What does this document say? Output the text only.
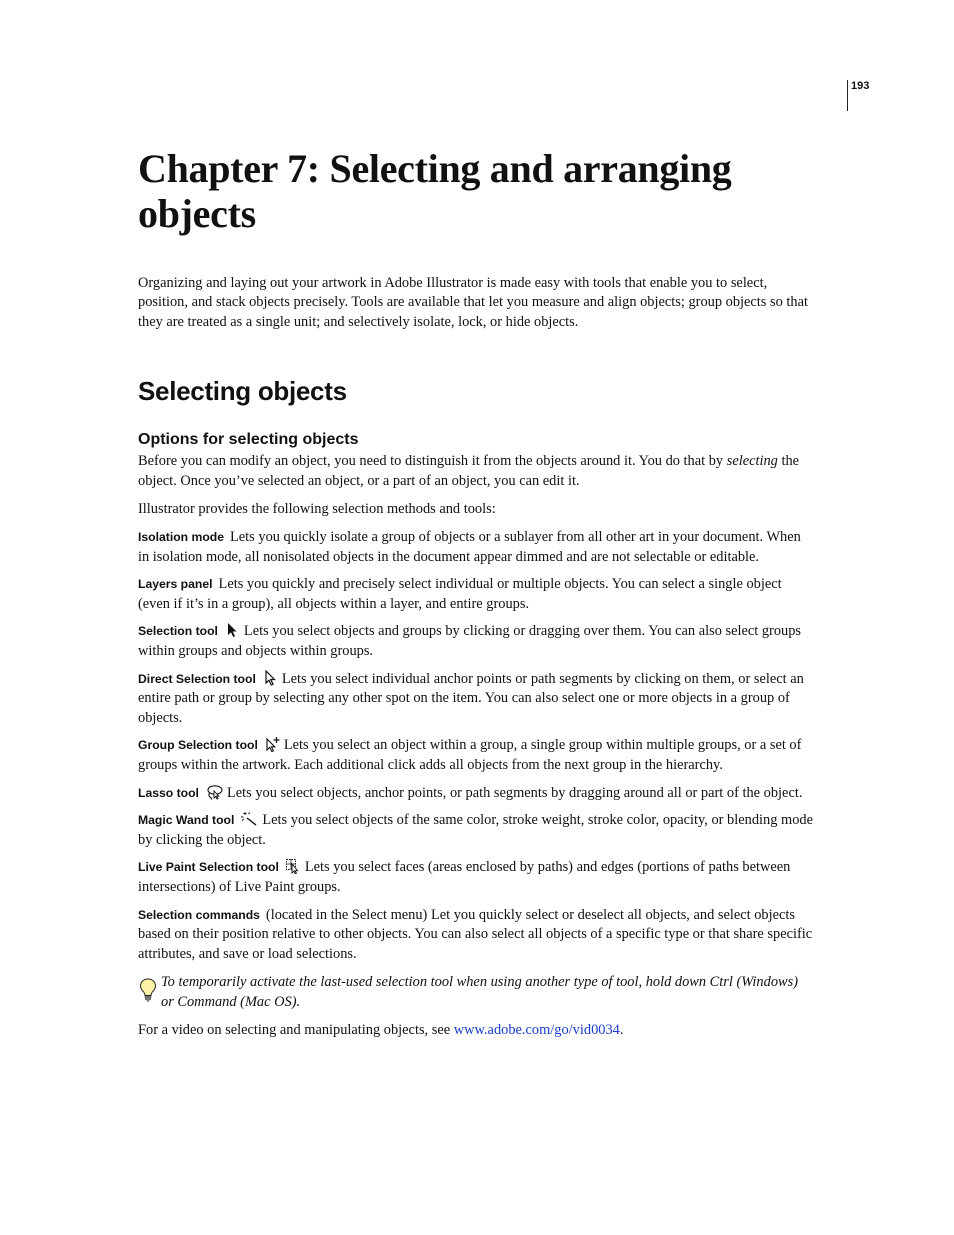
193
Chapter 7: Selecting and arranging objects

Organizing and laying out your artwork in Adobe Illustrator is made easy with tools that enable you to select, position, and stack objects precisely. Tools are available that let you measure and align objects; group objects so that they are treated as a single unit; and selectively isolate, lock, or hide objects.

Selecting objects
Options for selecting objects

Before you can modify an object, you need to distinguish it from the objects around it. You do that by selecting the object. Once you’ve selected an object, or a part of an object, you can edit it.

Illustrator provides the following selection methods and tools:

Isolation mode Lets you quickly isolate a group of objects or a sublayer from all other art in your document. When in isolation mode, all nonisolated objects in the document appear dimmed and are not selectable or editable.

Layers panel Lets you quickly and precisely select individual or multiple objects. You can select a single object (even if it’s in a group), all objects within a layer, and entire groups.

Selection tool Lets you select objects and groups by clicking or dragging over them. You can also select groups within groups and objects within groups.

Direct Selection tool Lets you select individual anchor points or path segments by clicking on them, or select an entire path or group by selecting any other spot on the item. You can also select one or more objects in a group of objects.

Group Selection tool Lets you select an object within a group, a single group within multiple groups, or a set of groups within the artwork. Each additional click adds all objects from the next group in the hierarchy.

Lasso tool Lets you select objects, anchor points, or path segments by dragging around all or part of the object.

Magic Wand tool Lets you select objects of the same color, stroke weight, stroke color, opacity, or blending mode by clicking the object.

Live Paint Selection tool Lets you select faces (areas enclosed by paths) and edges (portions of paths between intersections) of Live Paint groups.

Selection commands (located in the Select menu) Let you quickly select or deselect all objects, and select objects based on their position relative to other objects. You can also select all objects of a specific type or that share specific attributes, and save or load selections.

To temporarily activate the last-used selection tool when using another type of tool, hold down Ctrl (Windows) or Command (Mac OS).

For a video on selecting and manipulating objects, see www.adobe.com/go/vid0034.
